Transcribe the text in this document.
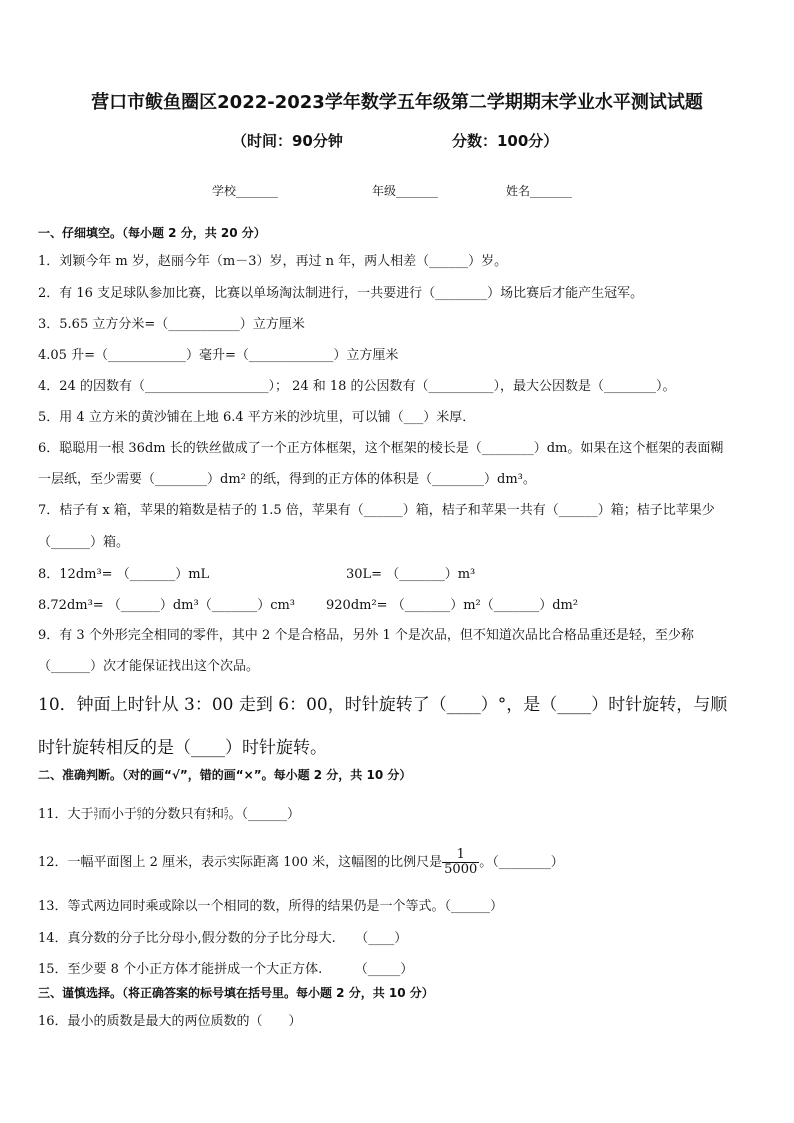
营口市鲅鱼圈区2022-2023学年数学五年级第二学期期末学业水平测试试题
（时间：90分钟	分数：100分）
学校_______	年级_______	姓名_______
一、仔细填空。（每小题 2 分，共 20 分）
1．刘颖今年 m 岁，赵丽今年（m－3）岁，再过 n 年，两人相差（______）岁。
2．有 16 支足球队参加比赛，比赛以单场淘汰制进行，一共要进行（________）场比赛后才能产生冠军。
3．5.65 立方分米=（___________）立方厘米
4.05 升=（____________）毫升=（_____________）立方厘米
4．24 的因数有（___________________）； 24 和 18 的公因数有（__________），最大公因数是（________）。
5．用 4 立方米的黄沙铺在上地 6.4 平方米的沙坑里，可以铺（___）米厚．
6．聪聪用一根 36dm 长的铁丝做成了一个正方体框架，这个框架的棱长是（________）dm。如果在这个框架的表面糊
一层纸，至少需要（________）dm² 的纸，得到的正方体的体积是（________）dm³。
7．桔子有 x 箱，苹果的箱数是桔子的 1.5 倍，苹果有（______）箱，桔子和苹果一共有（______）箱；桔子比苹果少
（______）箱。
8．12dm³= （_______）mL	30L= （_______）m³
8.72dm³= （______）dm³（_______）cm³ 920dm²= （_______）m²（_______）dm²
9．有 3 个外形完全相同的零件，其中 2 个是合格品，另外 1 个是次品，但不知道次品比合格品重还是轻，至少称
（______）次才能保证找出这个次品。
10．钟面上时针从 3：00 走到 6：00，时针旋转了（____）°，是（____）时针旋转，与顺
时针旋转相反的是（____）时针旋转。
二、准确判断。（对的画“√”，错的画“×”。每小题 2 分，共 10 分）
11．大于 3
7 而小于 6
7 的分数只有 4
7 和 5
7 。（______）
12．一幅平面图上 2 厘米，表示实际距离 100 米，这幅图的比例尺是 $\frac{1}{5000}$ 。（________）
13．等式两边同时乘或除以一个相同的数，所得的结果仍是一个等式。（______）
14．真分数的分子比分母小,假分数的分子比分母大.　　（____）
15．至少要 8 个小正方体才能拼成一个大正方体.　　　（_____）
三、谨慎选择。（将正确答案的标号填在括号里。每小题 2 分，共 10 分）
16．最小的质数是最大的两位质数的（　　）
